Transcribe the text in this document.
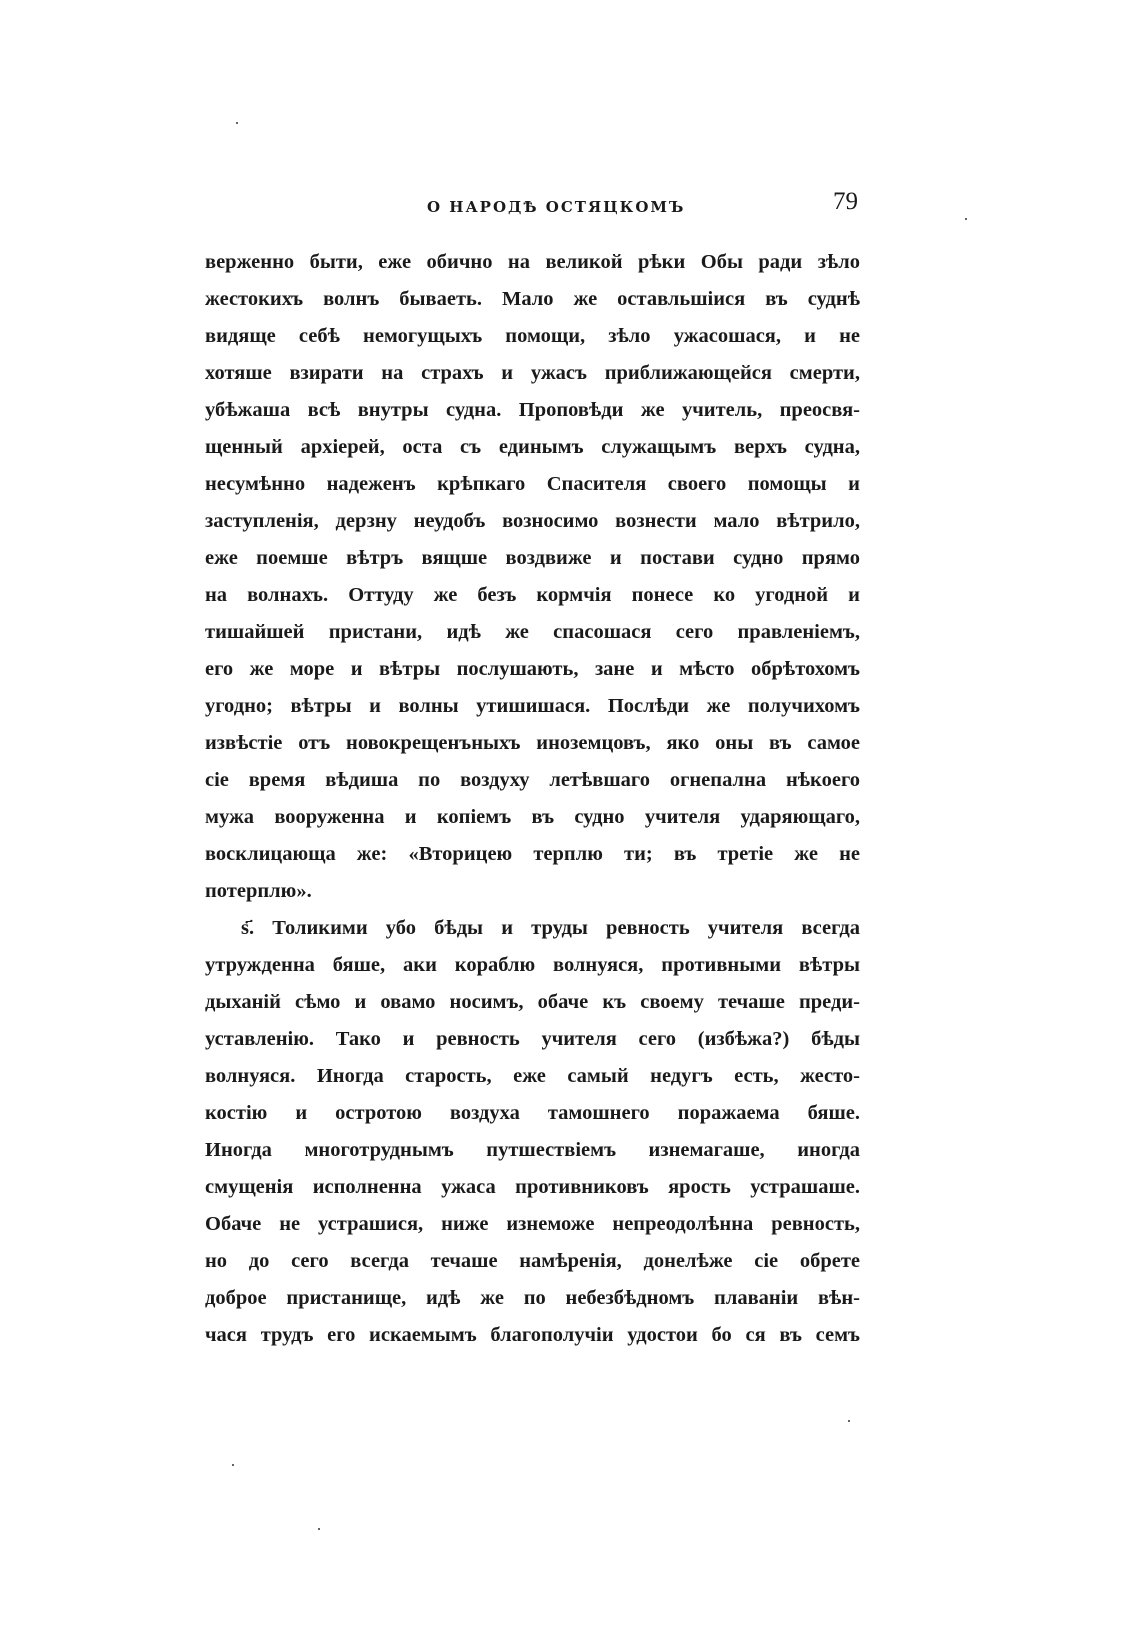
О НАРОДѢ ОСТЯЦКОМЪ	79
верженно быти, еже обично на великой рѣки Обы ради зѣло
жестокихъ волнъ бываеть. Мало же оставльшіися въ суднѣ
видяще себѣ немогущыхъ помощи, зѣло ужасошася, и не
хотяше взирати на страхъ и ужасъ приближающейся смерти,
убѣжаша всѣ внутры судна. Проповѣди же учитель, преосвя-
щенный архіерей, оста съ единымъ служащымъ верхъ судна,
несумѣнно надеженъ крѣпкаго Спасителя своего помощы и
заступленія, дерзну неудобъ возносимо вознести мало вѣтрило,
еже поемше вѣтръ вящше воздвиже и постави судно прямо
на волнахъ. Оттуду же безъ кормчія понесе ко угодной и
тишайшей пристани, идѣ же спасошася сего правленіемъ,
его же море и вѣтры послушають, зане и мѣсто обрѣтохомъ
угодно; вѣтры и волны утишишася. Послѣди же получихомъ
извѣстіе отъ новокрещенъныхъ иноземцовъ, яко оны въ самое
сіе время вѣдиша по воздуху летѣвшаго огнепална нѣкоего
мужа вооруженна и копіемъ въ судно учителя ударяющаго,
восклицающа же: «Вторицею терплю ти; въ третіе же не
потерплю».
ѕ҃. Толикими убо бѣды и труды ревность учителя всегда
утружденна бяше, аки кораблю волнуяся, противными вѣтры
дыханій сѣмо и овамо носимъ, обаче къ своему течаше преди-
уставленію. Тако и ревность учителя сего (избѣжа?) бѣды
волнуяся. Иногда старость, еже самый недугъ есть, жесто-
костію и остротою воздуха тамошнего поражаема бяше.
Иногда многотруднымъ путшествіемъ изнемагаше, иногда
смущенія исполненна ужаса противниковъ ярость устрашаше.
Обаче не устрашися, ниже изнеможе непреодолѣнна ревность,
но до сего всегда течаше намѣренія, донелѣже сіе обрете
доброе пристанище, идѣ же по небезбѣдномъ плаваніи вѣн-
чася трудъ его искаемымъ благополучіи удостои бо ся въ семъ
